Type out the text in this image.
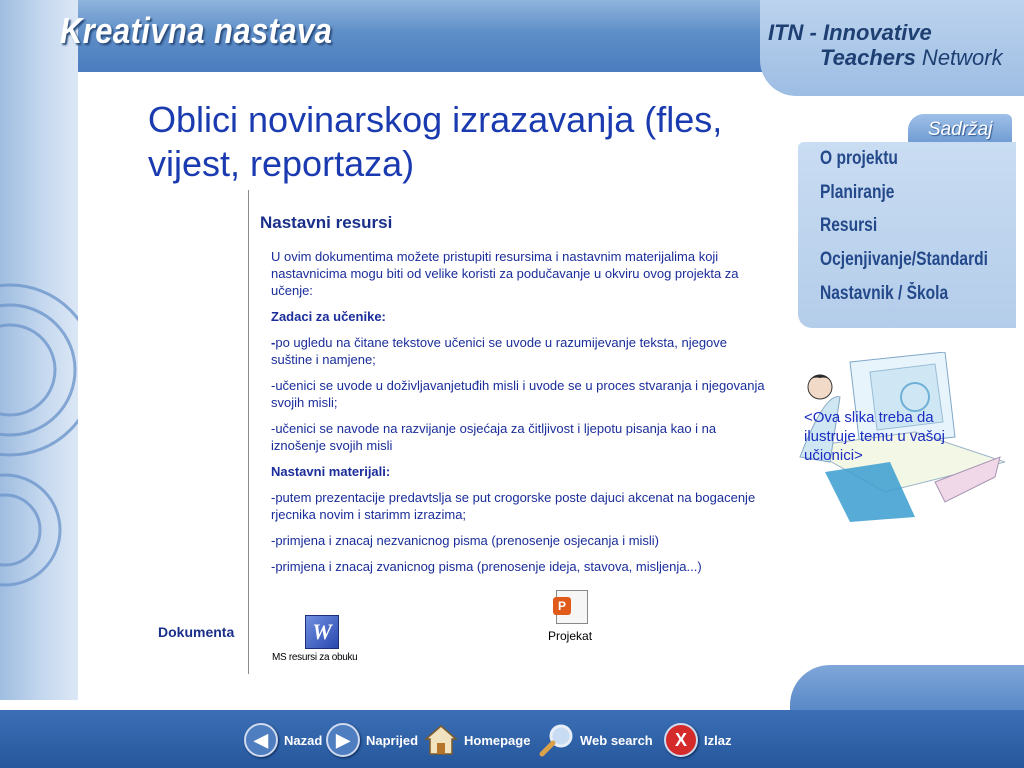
Kreativna nastava	ITN - Innovative
Teachers Network
Oblici novinarskog izrazavanja (fles, vijest, reportaza)
Nastavni resursi

U ovim dokumentima možete pristupiti resursima i nastavnim materijalima koji nastavnicima mogu biti od velike koristi za podučavanje u okviru ovog projekta za učenje:

Zadaci za učenike:

-po ugledu na čitane tekstove učenici se uvode u razumijevanje teksta, njegove suštine i namjene;

-učenici se uvode u doživljavanjetuđih misli i uvode se u proces stvaranja i njegovanja svojih misli;

-učenici se navode na razvijanje osjećaja za čitljivost i ljepotu pisanja kao i na iznošenje svojih misli

Nastavni materijali:

-putem prezentacije predavtslja se put crogorske poste dajuci akcenat na bogacenje rjecnika novim i starimm izrazima;

-primjena i znacaj nezvanicnog pisma (prenosenje osjecanja i misli)

-primjena i znacaj zvanicnog pisma (prenosenje ideja, stavova, misljenja...)

Dokumenta	W
MS resursi za obuku
P
Projekat
Sadržaj
O projektu
Planiranje
Resursi
Ocjenjivanje/Standardi
Nastavnik / Škola
<Ova slika treba da ilustruje temu u vašoj učionici>
◀	Nazad ▶	Naprijed	Homepage	Web search	X	Izlaz
